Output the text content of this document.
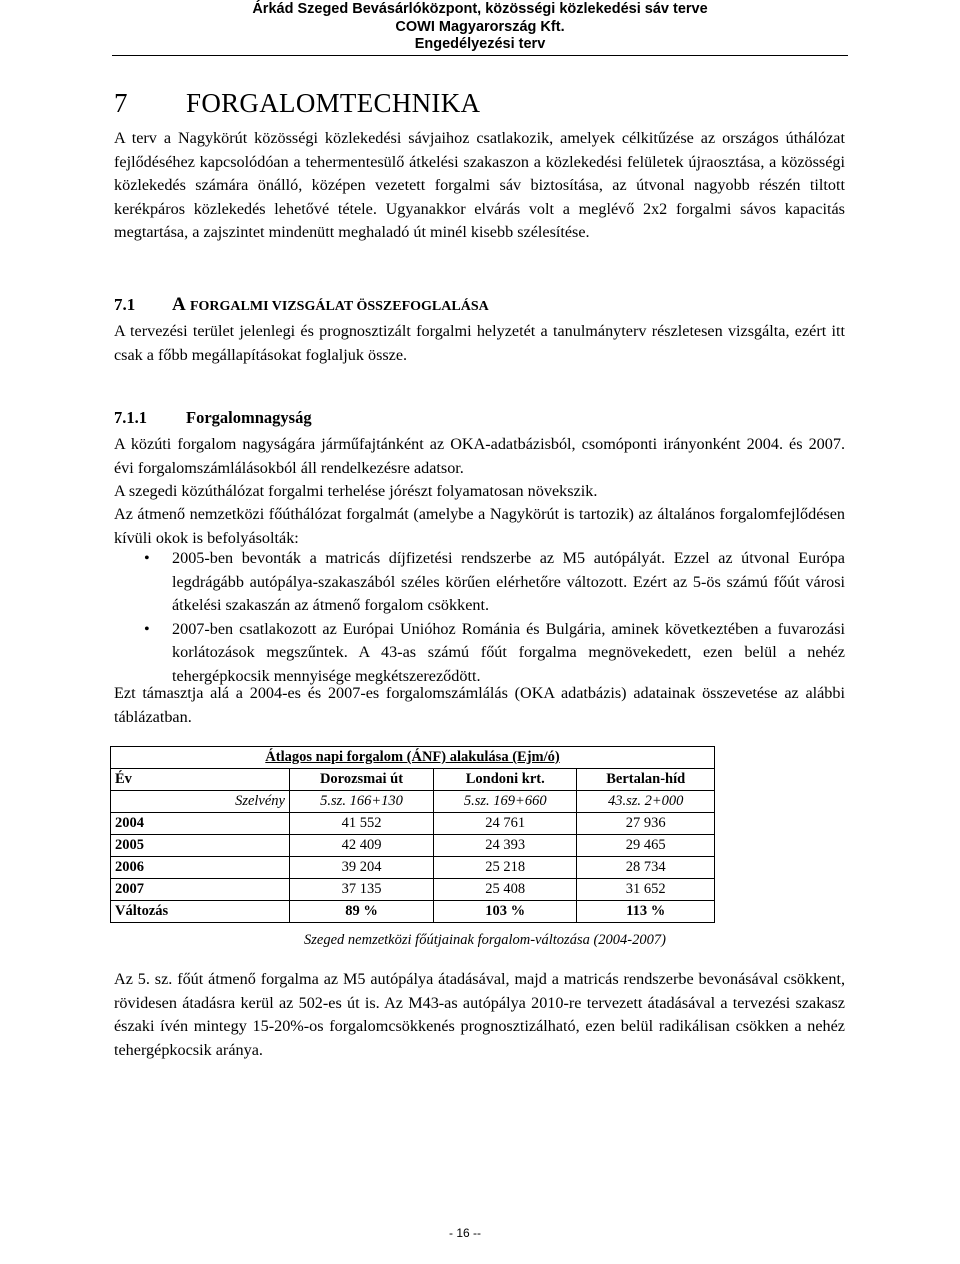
Árkád Szeged Bevásárlóközpont, közösségi közlekedési sáv terve
COWI Magyarország Kft.
Engedélyezési terv
7 FORGALOMTECHNIKA
A terv a Nagykörút közösségi közlekedési sávjaihoz csatlakozik, amelyek célkitűzése az országos úthálózat fejlődéséhez kapcsolódóan a tehermentesülő átkelési szakaszon a közlekedési felületek újraosztása, a közösségi közlekedés számára önálló, középen vezetett forgalmi sáv biztosítása, az útvonal nagyobb részén tiltott kerékpáros közlekedés lehetővé tétele. Ugyanakkor elvárás volt a meglévő 2x2 forgalmi sávos kapacitás megtartása, a zajszintet mindenütt meghaladó út minél kisebb szélesítése.
7.1 A FORGALMI VIZSGÁLAT ÖSSZEFOGLALÁSA
A tervezési terület jelenlegi és prognosztizált forgalmi helyzetét a tanulmányterv részletesen vizsgálta, ezért itt csak a főbb megállapításokat foglaljuk össze.
7.1.1 Forgalomnagyság
A közúti forgalom nagyságára járműfajtánként az OKA-adatbázisból, csomóponti irányonként 2004. és 2007. évi forgalomszámlálásokból áll rendelkezésre adatsor.
A szegedi közúthálózat forgalmi terhelése jórészt folyamatosan növekszik.
Az átmenő nemzetközi főúthálózat forgalmát (amelybe a Nagykörút is tartozik) az általános forgalomfejlődésen kívüli okok is befolyásolták:
• 2005-ben bevonták a matricás díjfizetési rendszerbe az M5 autópályát. Ezzel az útvonal Európa legdrágább autópálya-szakaszából széles körűen elérhetőre változott. Ezért az 5-ös számú főút városi átkelési szakaszán az átmenő forgalom csökkent.
• 2007-ben csatlakozott az Európai Unióhoz Románia és Bulgária, aminek következtében a fuvarozási korlátozások megszűntek. A 43-as számú főút forgalma megnövekedett, ezen belül a nehéz tehergépkocsik mennyisége megkétszereződött.
Ezt támasztja alá a 2004-es és 2007-es forgalomszámlálás (OKA adatbázis) adatainak összevetése az alábbi táblázatban.
Átlagos napi forgalom (ÁNF) alakulása (Ejm/ó)			
Év	Dorozsmai út	Londoni krt.	Bertalan-híd
Szelvény	5.sz. 166+130	5.sz. 169+660	43.sz. 2+000
2004	41 552	24 761	27 936
2005	42 409	24 393	29 465
2006	39 204	25 218	28 734
2007	37 135	25 408	31 652
Változás	89 %	103 %	113 %
Szeged nemzetközi főútjainak forgalom-változása (2004-2007)
Az 5. sz. főút átmenő forgalma az M5 autópálya átadásával, majd a matricás rendszerbe bevonásával csökkent, rövidesen átadásra kerül az 502-es út is. Az M43-as autópálya 2010-re tervezett átadásával a tervezési szakasz északi ívén mintegy 15-20%-os forgalomcsökkenés prognosztizálható, ezen belül radikálisan csökken a nehéz tehergépkocsik aránya.
- 16 --
